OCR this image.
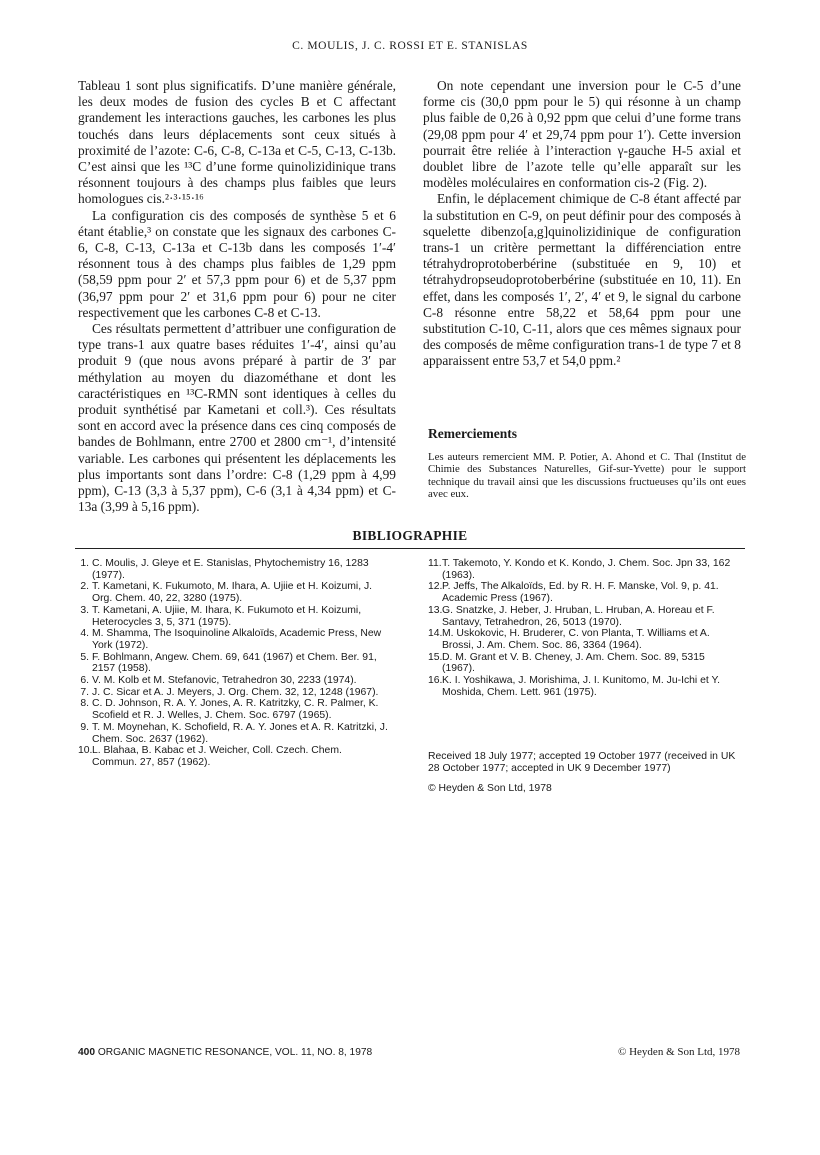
C. MOULIS, J. C. ROSSI ET E. STANISLAS

Tableau 1 sont plus significatifs. D’une manière générale, les deux modes de fusion des cycles B et C affectant grandement les interactions gauches, les carbones les plus touchés dans leurs déplacements sont ceux situés à proximité de l’azote: C-6, C-8, C-13a et C-5, C-13, C-13b. C’est ainsi que les ¹³C d’une forme quinolizidinique trans résonnent toujours à des champs plus faibles que leurs homologues cis.²·³·¹⁵·¹⁶

La configuration cis des composés de synthèse 5 et 6 étant établie,³ on constate que les signaux des carbones C-6, C-8, C-13, C-13a et C-13b dans les composés 1′-4′ résonnent tous à des champs plus faibles de 1,29 ppm (58,59 ppm pour 2′ et 57,3 ppm pour 6) et de 5,37 ppm (36,97 ppm pour 2′ et 31,6 ppm pour 6) pour ne citer respectivement que les carbones C-8 et C-13.

Ces résultats permettent d’attribuer une configuration de type trans-1 aux quatre bases réduites 1′-4′, ainsi qu’au produit 9 (que nous avons préparé à partir de 3′ par méthylation au moyen du diazométhane et dont les caractéristiques en ¹³C-RMN sont identiques à celles du produit synthétisé par Kametani et coll.³). Ces résultats sont en accord avec la présence dans ces cinq composés de bandes de Bohlmann, entre 2700 et 2800 cm⁻¹, d’intensité variable. Les carbones qui présentent les déplacements les plus importants sont dans l’ordre: C-8 (1,29 ppm à 4,99 ppm), C-13 (3,3 à 5,37 ppm), C-6 (3,1 à 4,34 ppm) et C-13a (3,99 à 5,16 ppm).

On note cependant une inversion pour le C-5 d’une forme cis (30,0 ppm pour le 5) qui résonne à un champ plus faible de 0,26 à 0,92 ppm que celui d’une forme trans (29,08 ppm pour 4′ et 29,74 ppm pour 1′). Cette inversion pourrait être reliée à l’interaction γ-gauche H-5 axial et doublet libre de l’azote telle qu’elle apparaît sur les modèles moléculaires en conformation cis-2 (Fig. 2).

Enfin, le déplacement chimique de C-8 étant affecté par la substitution en C-9, on peut définir pour des composés à squelette dibenzo[a,g]quinolizidinique de configuration trans-1 un critère permettant la différenciation entre tétrahydroprotoberbérine (substituée en 9, 10) et tétrahydropseudoprotoberbérine (substituée en 10, 11). En effet, dans les composés 1′, 2′, 4′ et 9, le signal du carbone C-8 résonne entre 58,22 et 58,64 ppm pour une substitution C-10, C-11, alors que ces mêmes signaux pour des composés de même configuration trans-1 de type 7 et 8 apparaissent entre 53,7 et 54,0 ppm.²

Remerciements
Les auteurs remercient MM. P. Potier, A. Ahond et C. Thal (Institut de Chimie des Substances Naturelles, Gif-sur-Yvette) pour le support technique du travail ainsi que les discussions fructueuses qu’ils ont eues avec eux.
BIBLIOGRAPHIE
1. C. Moulis, J. Gleye et E. Stanislas, Phytochemistry 16, 1283 (1977).
2. T. Kametani, K. Fukumoto, M. Ihara, A. Ujiie et H. Koizumi, J. Org. Chem. 40, 22, 3280 (1975).
3. T. Kametani, A. Ujiie, M. Ihara, K. Fukumoto et H. Koizumi, Heterocycles 3, 5, 371 (1975).
4. M. Shamma, The Isoquinoline Alkaloïds, Academic Press, New York (1972).
5. F. Bohlmann, Angew. Chem. 69, 641 (1967) et Chem. Ber. 91, 2157 (1958).
6. V. M. Kolb et M. Stefanovic, Tetrahedron 30, 2233 (1974).
7. J. C. Sicar et A. J. Meyers, J. Org. Chem. 32, 12, 1248 (1967).
8. C. D. Johnson, R. A. Y. Jones, A. R. Katritzky, C. R. Palmer, K. Scofield et R. J. Welles, J. Chem. Soc. 6797 (1965).
9. T. M. Moynehan, K. Schofield, R. A. Y. Jones et A. R. Katritzki, J. Chem. Soc. 2637 (1962).
10. L. Blahaa, B. Kabac et J. Weicher, Coll. Czech. Chem. Commun. 27, 857 (1962).
11. T. Takemoto, Y. Kondo et K. Kondo, J. Chem. Soc. Jpn 33, 162 (1963).
12. P. Jeffs, The Alkaloïds, Ed. by R. H. F. Manske, Vol. 9, p. 41. Academic Press (1967).
13. G. Snatzke, J. Heber, J. Hruban, L. Hruban, A. Horeau et F. Santavy, Tetrahedron, 26, 5013 (1970).
14. M. Uskokovic, H. Bruderer, C. von Planta, T. Williams et A. Brossi, J. Am. Chem. Soc. 86, 3364 (1964).
15. D. M. Grant et V. B. Cheney, J. Am. Chem. Soc. 89, 5315 (1967).
16. K. I. Yoshikawa, J. Morishima, J. I. Kunitomo, M. Ju-Ichi et Y. Moshida, Chem. Lett. 961 (1975).
Received 18 July 1977; accepted 19 October 1977 (received in UK 28 October 1977; accepted in UK 9 December 1977)
© Heyden & Son Ltd, 1978
400 ORGANIC MAGNETIC RESONANCE, VOL. 11, NO. 8, 1978	© Heyden & Son Ltd, 1978
